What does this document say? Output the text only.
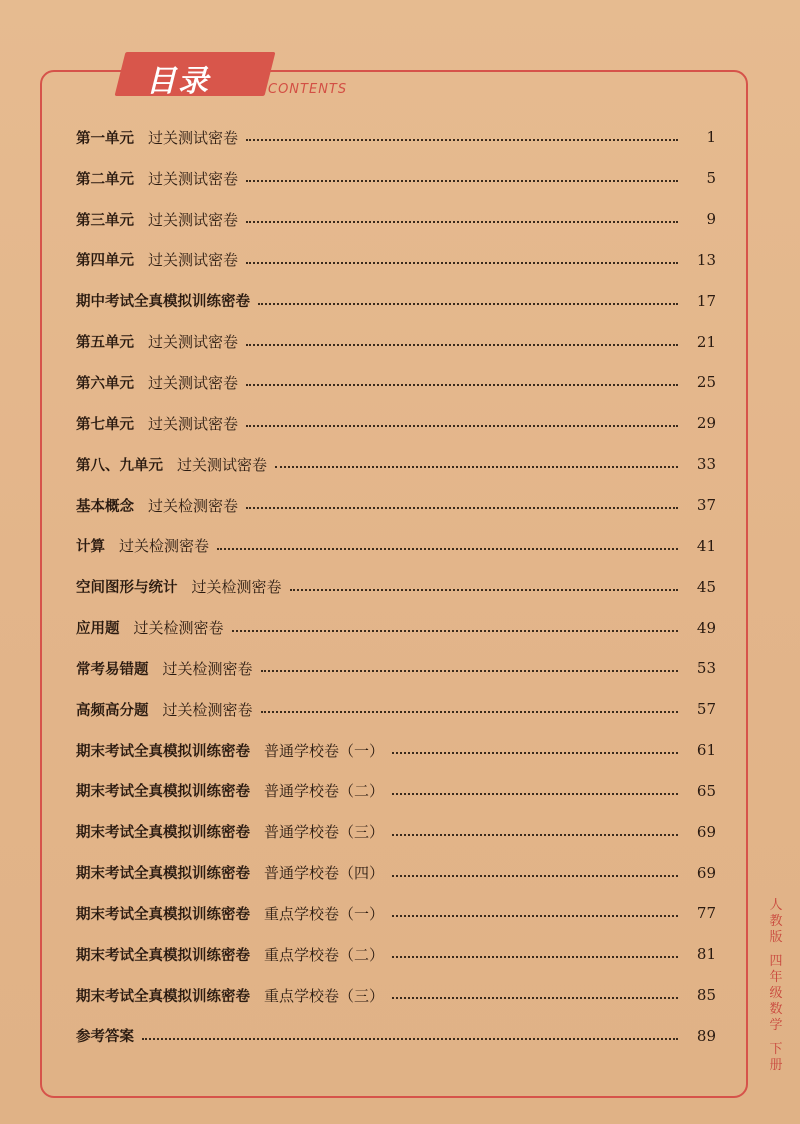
目录	CONTENTS
第一单元 过关测试密卷	1
第二单元 过关测试密卷	5
第三单元 过关测试密卷	9
第四单元 过关测试密卷	13
期中考试全真模拟训练密卷	17
第五单元 过关测试密卷	21
第六单元 过关测试密卷	25
第七单元 过关测试密卷	29
第八、九单元 过关测试密卷	33
基本概念 过关检测密卷	37
计算 过关检测密卷	41
空间图形与统计 过关检测密卷	45
应用题 过关检测密卷	49
常考易错题 过关检测密卷	53
高频高分题 过关检测密卷	57
期末考试全真模拟训练密卷 普通学校卷（一）	61
期末考试全真模拟训练密卷 普通学校卷（二）	65
期末考试全真模拟训练密卷 普通学校卷（三）	69
期末考试全真模拟训练密卷 普通学校卷（四）	69
期末考试全真模拟训练密卷 重点学校卷（一）	77
期末考试全真模拟训练密卷 重点学校卷（二）	81
期末考试全真模拟训练密卷 重点学校卷（三）	85
参考答案	89
人
教
版
四
年
级
数
学
下
册
